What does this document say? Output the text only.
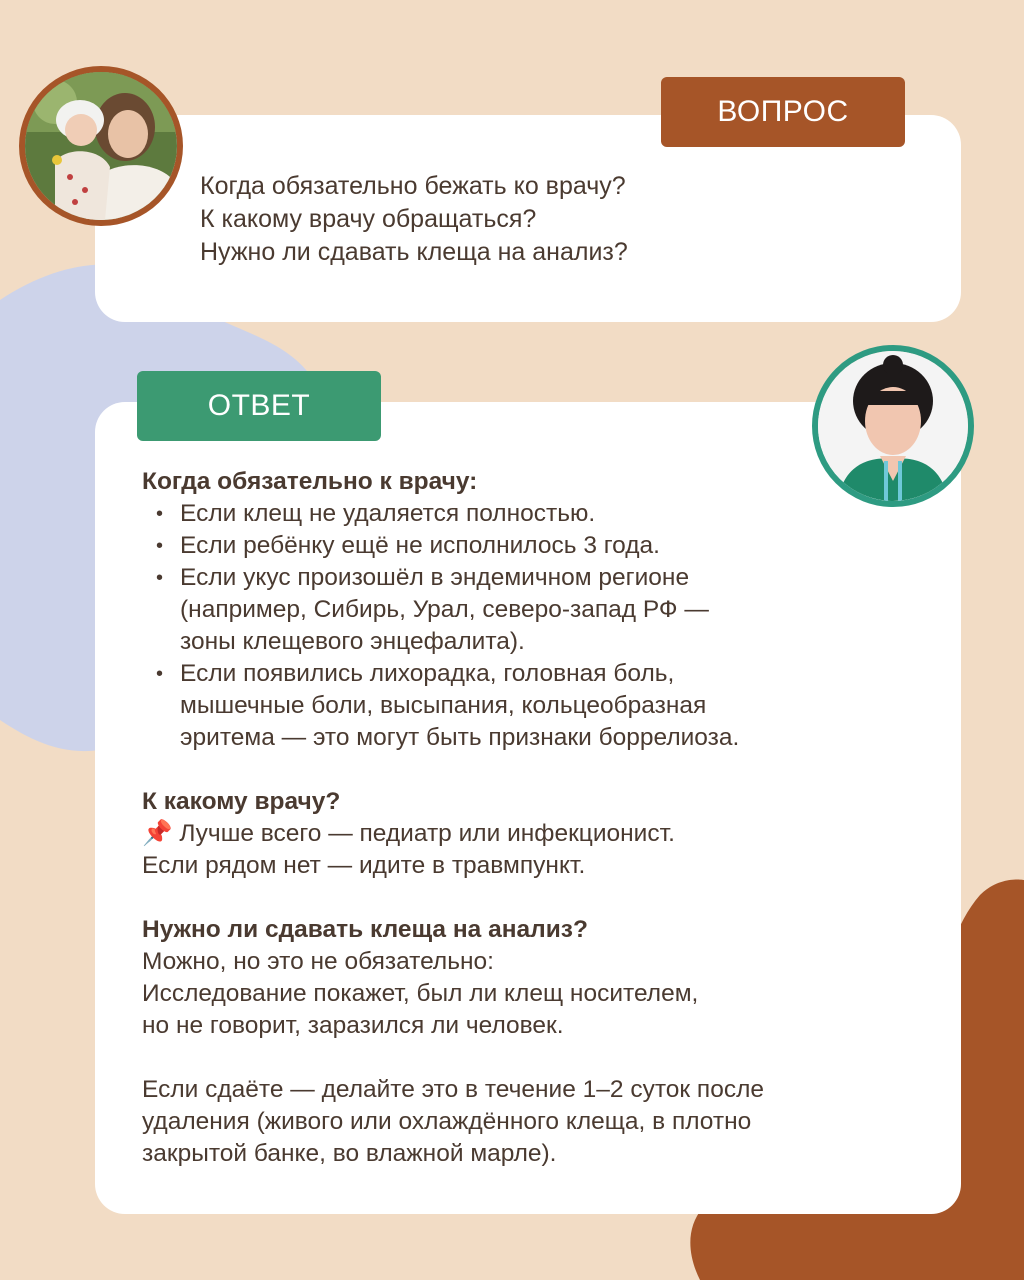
ВОПРОС
Когда обязательно бежать ко врачу?
К какому врачу обращаться?
Нужно ли сдавать клеща на анализ?
ОТВЕТ
Когда обязательно к врачу:
• Если клещ не удаляется полностью.
• Если ребёнку ещё не исполнилось 3 года.
• Если укус произошёл в эндемичном регионе
(например, Сибирь, Урал, северо-запад РФ —
зоны клещевого энцефалита).
• Если появились лихорадка, головная боль,
мышечные боли, высыпания, кольцеобразная
эритема — это могут быть признаки боррелиоза.
К какому врачу?
📌 Лучше всего — педиатр или инфекционист.
Если рядом нет — идите в травмпункт.
Нужно ли сдавать клеща на анализ?
Можно, но это не обязательно:
Исследование покажет, был ли клещ носителем,
но не говорит, заразился ли человек.
Если сдаёте — делайте это в течение 1–2 суток после
удаления (живого или охлаждённого клеща, в плотно
закрытой банке, во влажной марле).
